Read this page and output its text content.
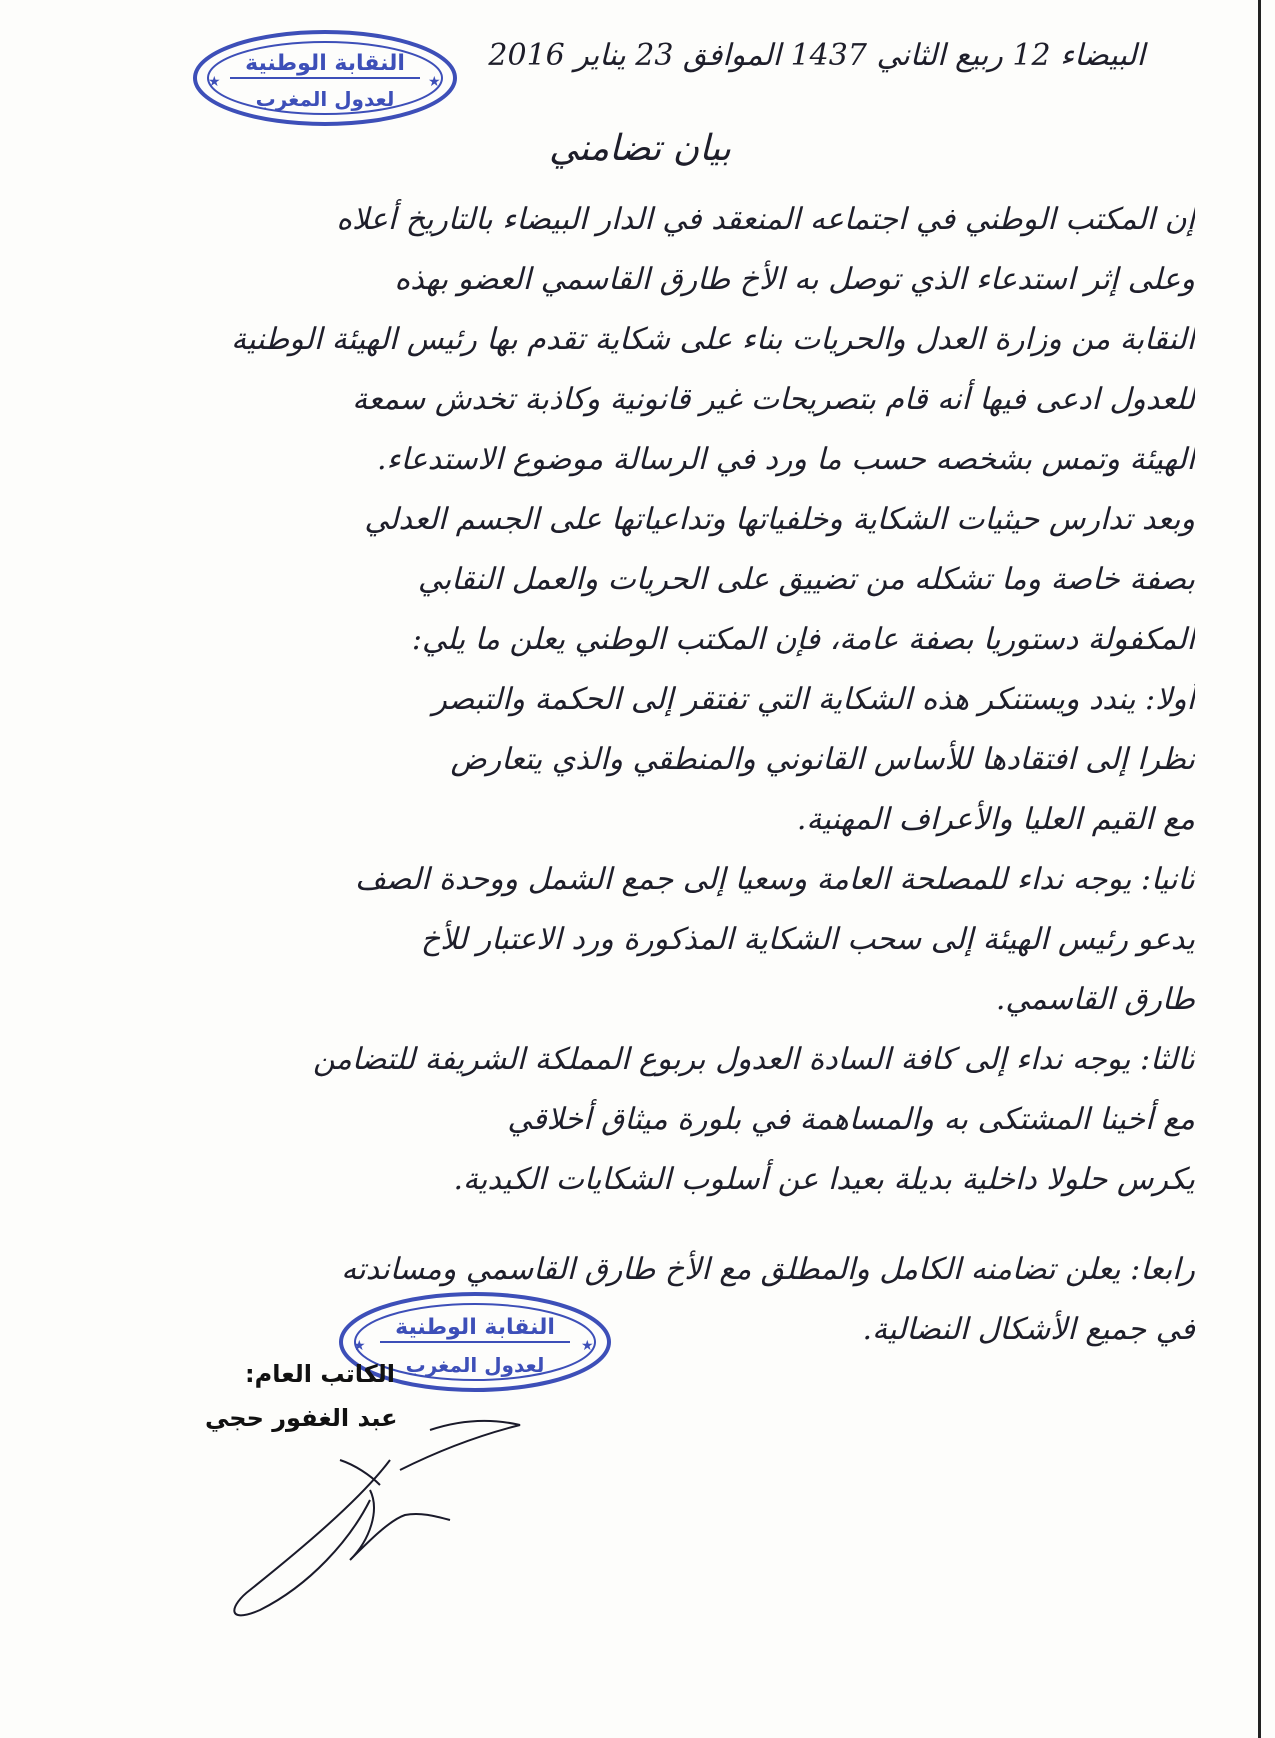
★	★
النقابة الوطنية
لعدول المغرب
البيضاء 12 ربيع الثاني 1437 الموافق 23 يناير 2016
بيان تضامني
إن المكتب الوطني في اجتماعه المنعقد في الدار البيضاء بالتاريخ أعلاه
وعلى إثر استدعاء الذي توصل به الأخ طارق القاسمي العضو بهذه
النقابة من وزارة العدل والحريات بناء على شكاية تقدم بها رئيس الهيئة الوطنية
للعدول ادعى فيها أنه قام بتصريحات غير قانونية وكاذبة تخدش سمعة
الهيئة وتمس بشخصه حسب ما ورد في الرسالة موضوع الاستدعاء.
وبعد تدارس حيثيات الشكاية وخلفياتها وتداعياتها على الجسم العدلي
بصفة خاصة وما تشكله من تضييق على الحريات والعمل النقابي
المكفولة دستوريا بصفة عامة، فإن المكتب الوطني يعلن ما يلي:
أولا: يندد ويستنكر هذه الشكاية التي تفتقر إلى الحكمة والتبصر
نظرا إلى افتقادها للأساس القانوني والمنطقي والذي يتعارض
مع القيم العليا والأعراف المهنية.
ثانيا: يوجه نداء للمصلحة العامة وسعيا إلى جمع الشمل ووحدة الصف
يدعو رئيس الهيئة إلى سحب الشكاية المذكورة ورد الاعتبار للأخ
طارق القاسمي.
ثالثا: يوجه نداء إلى كافة السادة العدول بربوع المملكة الشريفة للتضامن
مع أخينا المشتكى به والمساهمة في بلورة ميثاق أخلاقي
يكرس حلولا داخلية بديلة بعيدا عن أسلوب الشكايات الكيدية.
رابعا: يعلن تضامنه الكامل والمطلق مع الأخ طارق القاسمي ومساندته
في جميع الأشكال النضالية.
★	★
النقابة الوطنية
لعدول المغرب
الكاتب العام:
عبد الغفور حجي
